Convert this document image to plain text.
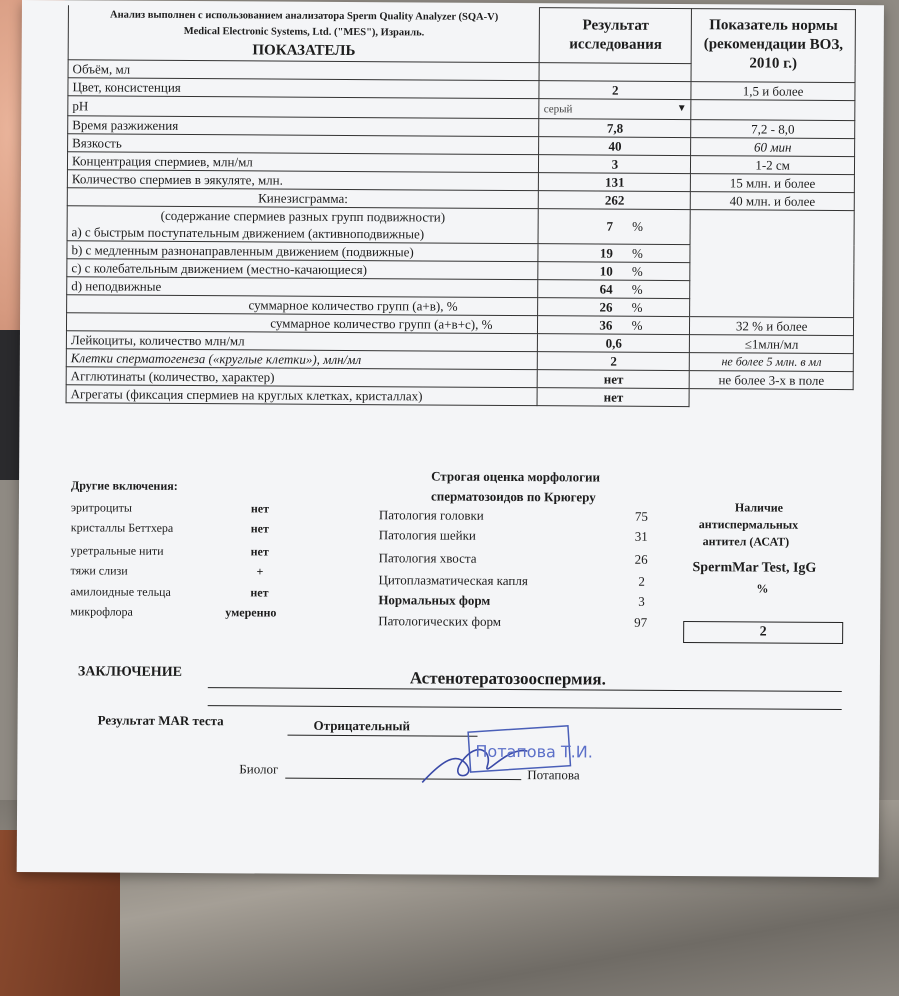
Анализ выполнен с использованием анализатора Sperm Quality Analyzer (SQA-V)
Medical Electronic Systems, Ltd. ("MES"), Израиль.
ПОКАЗАТЕЛЬ	Результат исследования	Показатель нормы (рекомендации ВОЗ, 2010 г.)
Объём, мл		
Цвет, консистенция	2	1,5 и более
pH	серый ▼	

Время разжижения	7,8	7,2 - 8,0
Вязкость	40	60 мин
Концентрация спермиев, млн/мл	3	1-2 см
Количество спермиев в эякуляте, млн.	131	15 млн. и более
Кинезисграмма:	262	40 млн. и более

(содержание спермиев разных групп подвижности)
a) с быстрым поступательным движением (активноподвижные)	7 %	
b) с медленным разнонаправленным движением (подвижные)	19 %	
c) с колебательным движением (местно-качающиеся)	10 %	
d) неподвижные	64 %	
суммарное количество групп (а+в), %	26 %	
суммарное количество групп (а+в+с), %	36 %	32 % и более
Лейкоциты, количество млн/мл	0,6	≤1млн/мл
Клетки сперматогенеза («круглые клетки»), млн/мл	2	не более 5 млн. в мл
Агглютинаты (количество, характер)	нет	не более 3-х в поле
Агрегаты (фиксация спермиев на круглых клетках, кристаллах)	нет	
Другие включения:
эритроциты	нет
кристаллы Беттхера	нет
уретральные нити	нет
тяжи слизи	+
амилоидные тельца	нет
микрофлора	умеренно
Строгая оценка морфологии
сперматозоидов по Крюгеру
Патология головки	75
Патология шейки	31
Патология хвоста	26
Цитоплазматическая капля	2
Нормальных форм	3
Патологических форм	97
Наличие
антиспермальных
антител (АСАТ)
SpermMar Test, IgG
%
2
ЗАКЛЮЧЕНИЕ	Астенотератозооспермия.
Результат MAR теста	Отрицательный
Биолог	Потапова
Потапова Т.И.
